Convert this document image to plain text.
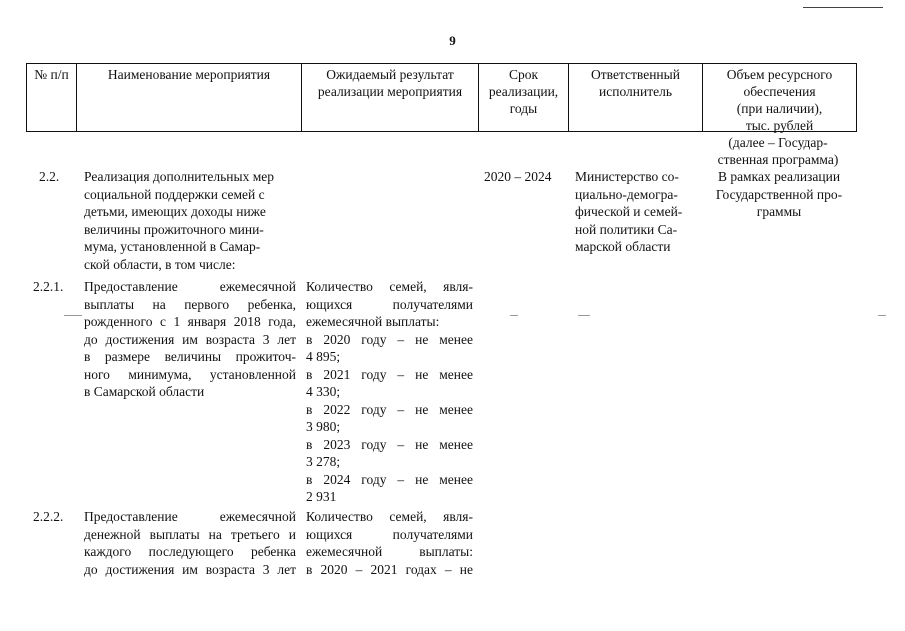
9
№ п/п	Наименование мероприятия	Ожидаемый результат
реализации мероприятия
Срок
реализации,
годы
Ответственный
исполнитель
Объем ресурсного
обеспечения
(при наличии),
тыс. рублей
(далее – Государ-
ственная программа)
2.2. Реализация дополнительных мер
социальной поддержки семей с
детьми, имеющих доходы ниже
величины прожиточного мини-
мума, установленной в Самар-
ской области, в том числе:
2020 – 2024 Министерство со-
циально-демогра-
фической и семей-
ной политики Са-
марской области
В рамках реализации
Государственной про-
граммы
2.2.1. Предоставление ежемесячной
выплаты на первого ребенка,
рожденного с 1 января 2018 года,
до достижения им возраста 3 лет
в размере величины прожиточ-
ного минимума, установленной
в Самарской области
Количество семей, явля-
ющихся получателями
ежемесячной выплаты:
в 2020 году – не менее
4 895;
в 2021 году – не менее
4 330;
в 2022 году – не менее
3 980;
в 2023 году – не менее
3 278;
в 2024 году – не менее
2 931
2.2.2. Предоставление ежемесячной
денежной выплаты на третьего и
каждого последующего ребенка
до достижения им возраста 3 лет
Количество семей, явля-
ющихся получателями
ежемесячной выплаты:
в 2020 – 2021 годах – не
